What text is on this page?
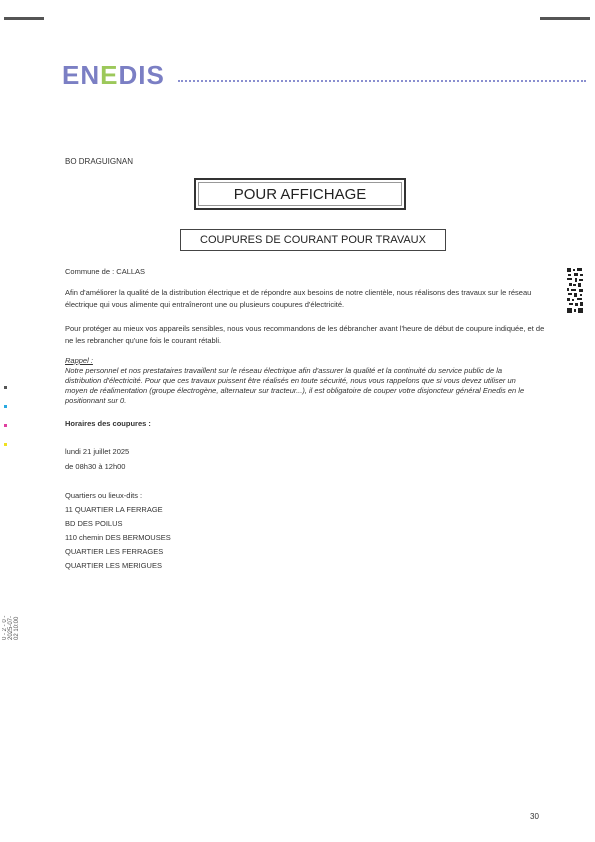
ENEDIS
BO DRAGUIGNAN
POUR AFFICHAGE
COUPURES DE COURANT POUR TRAVAUX
Commune de : CALLAS
Afin d'améliorer la qualité de la distribution électrique et de répondre aux besoins de notre clientèle, nous réalisons des travaux sur le réseau électrique qui vous alimente qui entraîneront une ou plusieurs coupures d'électricité.
Pour protéger au mieux vos appareils sensibles, nous vous recommandons de les débrancher avant l'heure de début de coupure indiquée, et de ne les rebrancher qu'une fois le courant rétabli.
Rappel :
Notre personnel et nos prestataires travaillent sur le réseau électrique afin d'assurer la qualité et la continuité du service public de la distribution d'électricité. Pour que ces travaux puissent être réalisés en toute sécurité, nous vous rappelons que si vous devez utiliser un moyen de réalimentation (groupe électrogène, alternateur sur tracteur...), il est obligatoire de couper votre disjoncteur général Enedis en le positionnant sur 0.
Horaires des coupures :
lundi 21 juillet 2025
de 08h30 à 12h00
Quartiers ou lieux-dits :
11 QUARTIER LA FERRAGE
BD DES POILUS
110 chemin DES BERMOUSES
QUARTIER LES FERRAGES
QUARTIER LES MERIGUES
30
0 - 2 - 0 - 2025-07-02 10:00
